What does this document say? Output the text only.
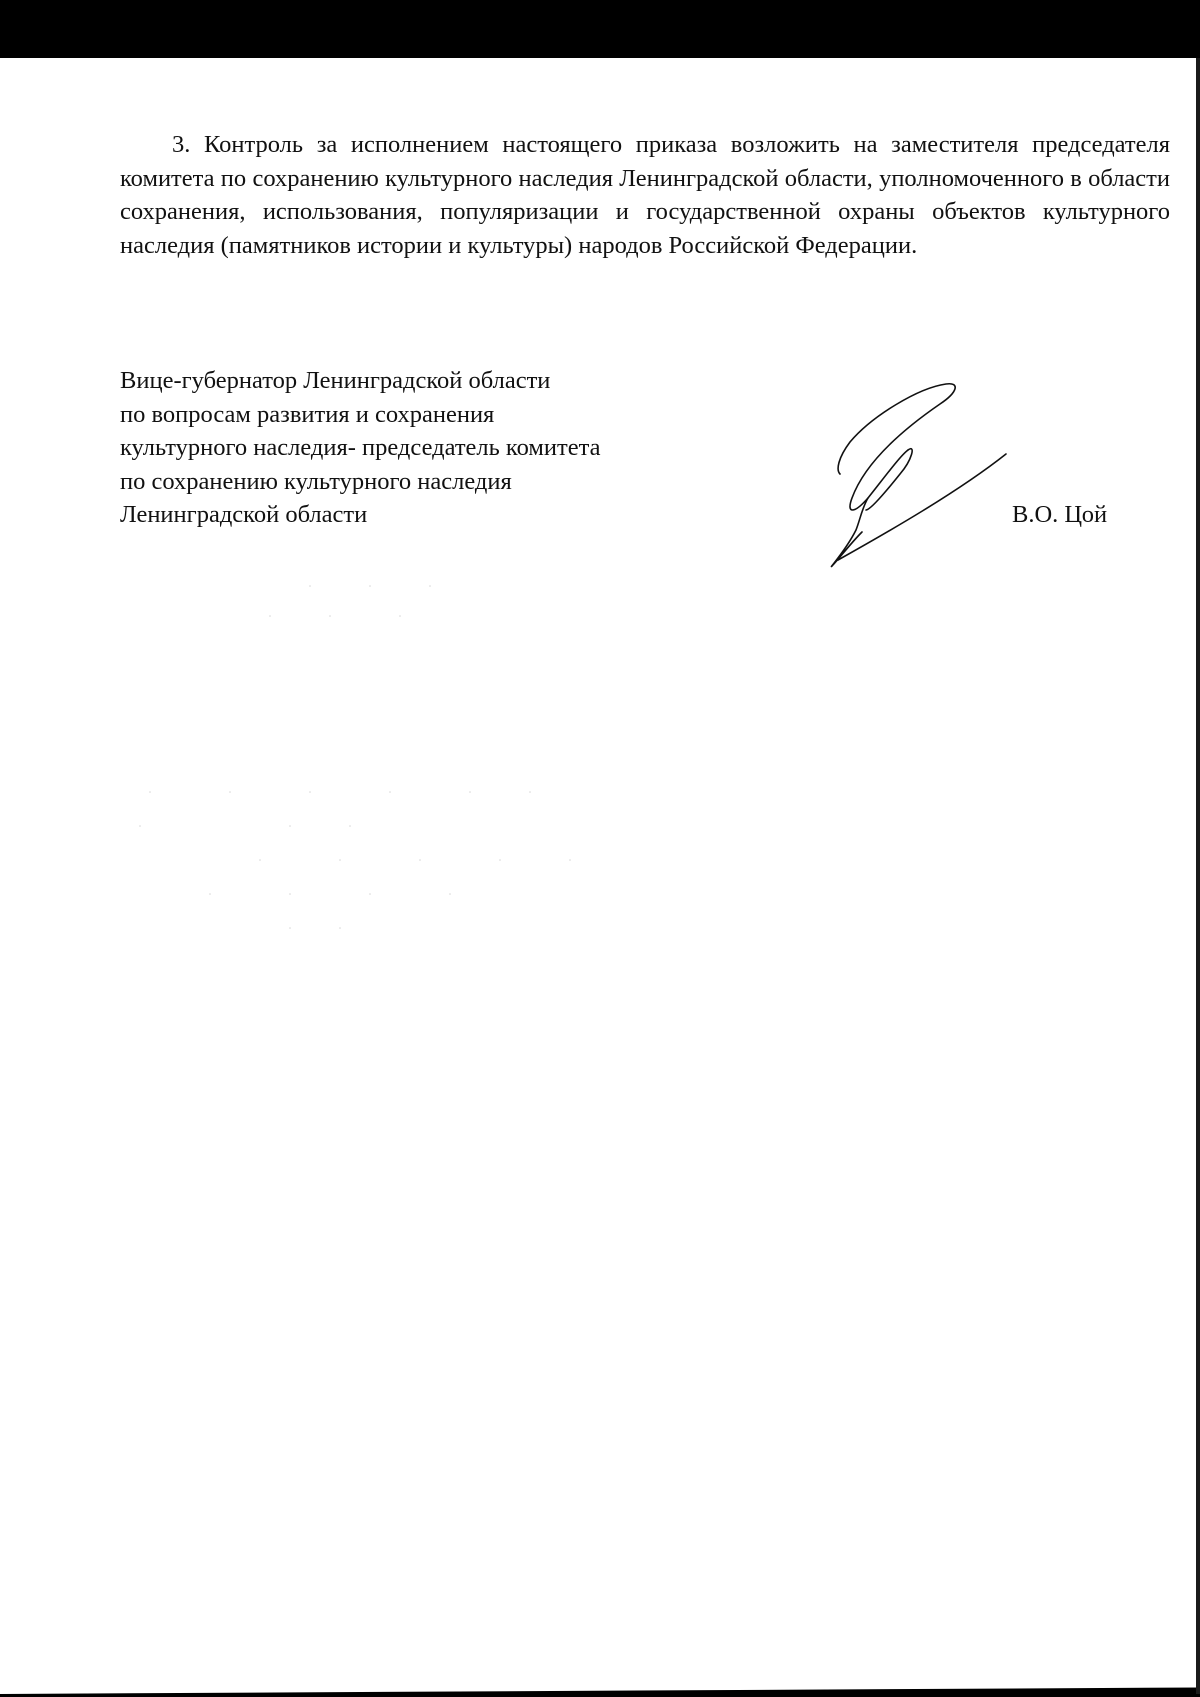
3. Контроль за исполнением настоящего приказа возложить на заместителя председателя комитета по сохранению культурного наследия Ленинградской области, уполномоченного в области сохранения, использования, популяризации и государственной охраны объектов культурного наследия (памятников истории и культуры) народов Российской Федерации.

Вице-губернатор Ленинградской области
по вопросам развития и сохранения
культурного наследия- председатель комитета
по сохранению культурного наследия
Ленинградской области	В.О. Цой
